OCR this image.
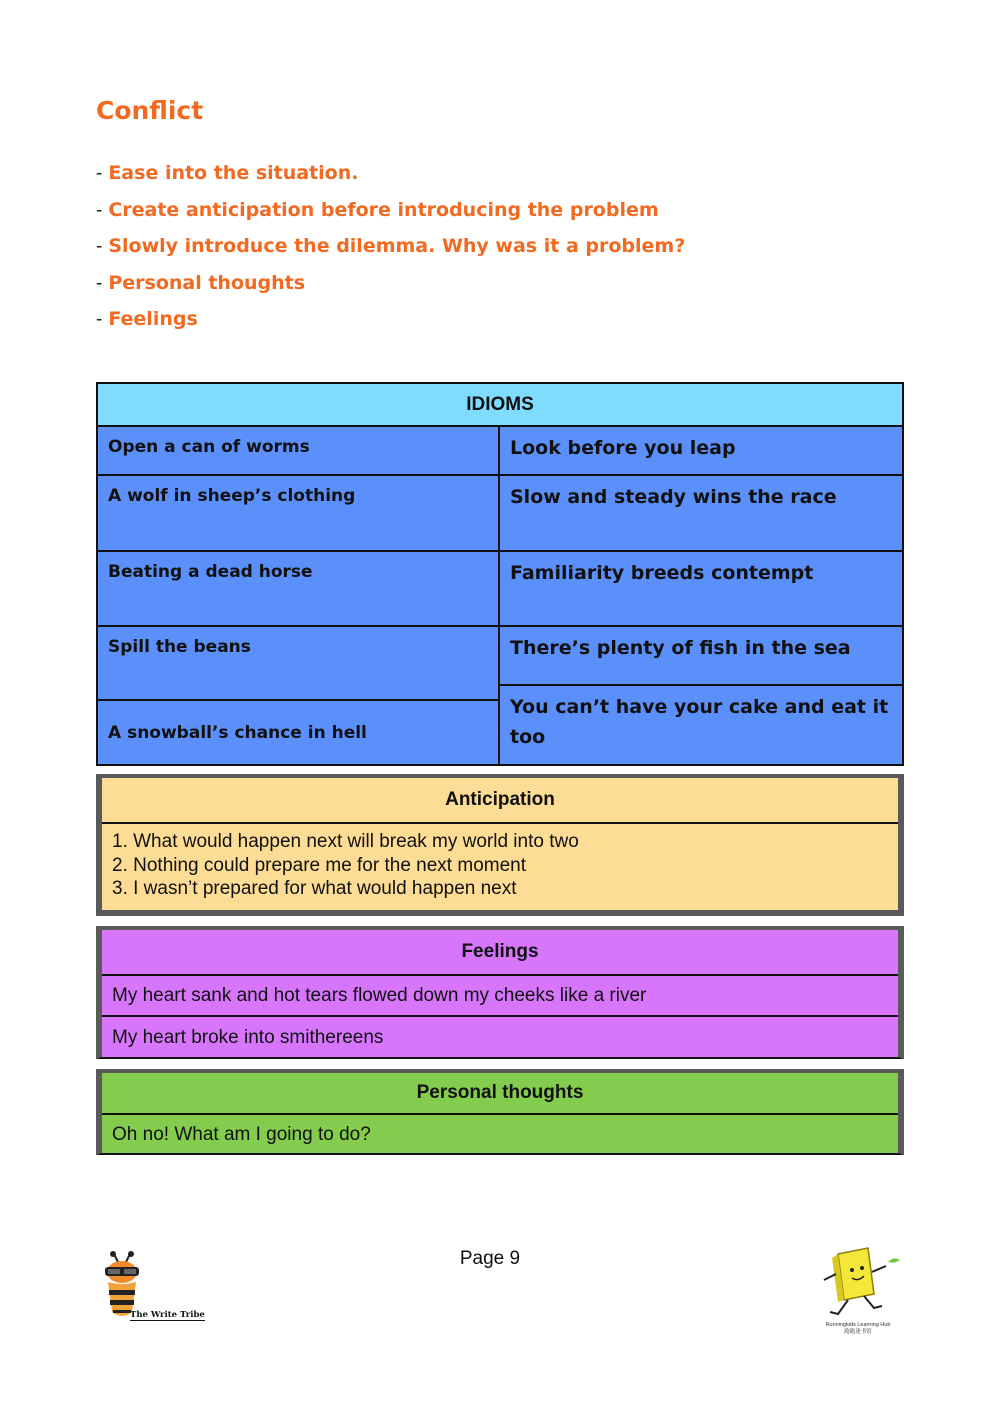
Conflict
- Ease into the situation.
- Create anticipation before introducing the problem
- Slowly introduce the dilemma. Why was it a problem?
- Personal thoughts
- Feelings
IDIOMS
Open a can of worms
A wolf in sheep’s clothing
Beating a dead horse
Spill the beans
A snowball’s chance in hell
Look before you leap
Slow and steady wins the race
Familiarity breeds contempt
There’s plenty of fish in the sea
You can’t have your cake and eat it too
Anticipation
1. What would happen next will break my world into two
2. Nothing could prepare me for the next moment
3. I wasn’t prepared for what would happen next
Feelings
My heart sank and hot tears flowed down my cheeks like a river
My heart broke into smithereens
Personal thoughts
Oh no! What am I going to do?
Page 9
The Write Tribe
Runningkids Learning Hub
跑跑迷书馆
